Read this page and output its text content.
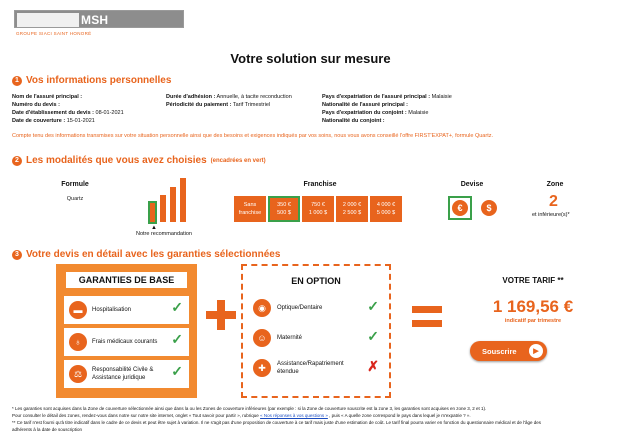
MSH INTERNATIONAL
GROUPE SIACI SAINT HONORÉ
Votre solution sur mesure
1 Vos informations personnelles
Nom de l'assuré principal :
Numéro du devis :
Date d'établissement du devis : 08-01-2021
Date de couverture : 15-01-2021
Durée d'adhésion : Annuelle, à tacite reconduction
Périodicité du paiement : Tarif Trimestriel
Pays d'expatriation de l'assuré principal : Malaisie
Nationalité de l'assuré principal :
Pays d'expatriation du conjoint : Malaisie
Nationalité du conjoint :
Compte tenu des informations transmises sur votre situation personnelle ainsi que des besoins et exigences indiqués par vos soins, nous vous avons conseillé l'offre FIRST'EXPAT+, formule Quartz.
2 Les modalités que vous avez choisies (encadrées en vert)
Formule
Quartz
▲
Notre recommandation
Franchise
Sans
franchise
350 €
500 $
750 €
1 000 $
2 000 €
2 500 $
4 000 €
5 000 $
Devise
€	$
Zone
2
et inférieure(s)*
3 Votre devis en détail avec les garanties sélectionnées
GARANTIES DE BASE
▬	Hospitalisation	✓
♁	Frais médicaux courants ✓
⚖	Responsabilité Civile & Assistance juridique	✓
EN OPTION
◉	Optique/Dentaire	✓
☺	Maternité	✓
✚	Assistance/Rapatriement étendue	✗
VOTRE TARIF **
1 169,56 €
indicatif par trimestre
Souscrire	▶
* Les garanties sont acquises dans la Zone de couverture sélectionnée ainsi que dans la ou les Zones de couverture inférieures (par exemple : si la Zone de couverture souscrite est la zone 3, les garanties sont acquises en zone 3, 2 et 1).
Pour consulter le détail des zones, rendez-vous dans notre sur notre site internet, onglet « Tout savoir pour partir », rubrique « Nos réponses à vos questions » , puis « A quelle zone correspond le pays dans lequel je m'expatrie ? ».
** Ce tarif n'est fourni qu'à titre indicatif dans le cadre de ce devis et peut être sujet à variation. Il ne s'agit pas d'une proposition de couverture à ce tarif mais juste d'une estimation de coût. Le tarif final pourra varier en fonction du questionnaire médical et de l'âge des
adhérents à la date de souscription
